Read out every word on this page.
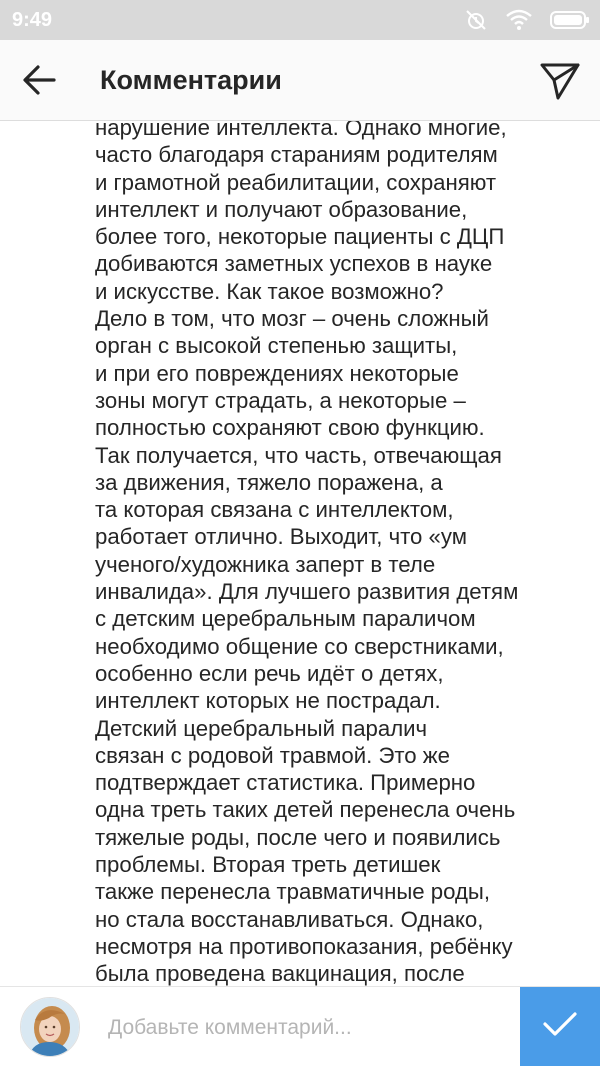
9:49
Комментарии
нарушение интеллекта. Однако многие,
часто благодаря стараниям родителям
и грамотной реабилитации, сохраняют
интеллект и получают образование,
более того, некоторые пациенты с ДЦП
добиваются заметных успехов в науке
и искусстве. Как такое возможно?
Дело в том, что мозг – очень сложный
орган с высокой степенью защиты,
и при его повреждениях некоторые
зоны могут страдать, а некоторые –
полностью сохраняют свою функцию.
Так получается, что часть, отвечающая
за движения, тяжело поражена, а
та которая связана с интеллектом,
работает отлично. Выходит, что «ум
ученого/художника заперт в теле
инвалида». Для лучшего развития детям
с детским церебральным параличом
необходимо общение со сверстниками,
особенно если речь идёт о детях,
интеллект которых не пострадал.
Детский церебральный паралич
связан с родовой травмой. Это же
подтверждает статистика. Примерно
одна треть таких детей перенесла очень
тяжелые роды, после чего и появились
проблемы. Вторая треть детишек
также перенесла травматичные роды,
но стала восстанавливаться. Однако,
несмотря на противопоказания, ребёнку
была проведена вакцинация, после
Добавьте комментарий...
